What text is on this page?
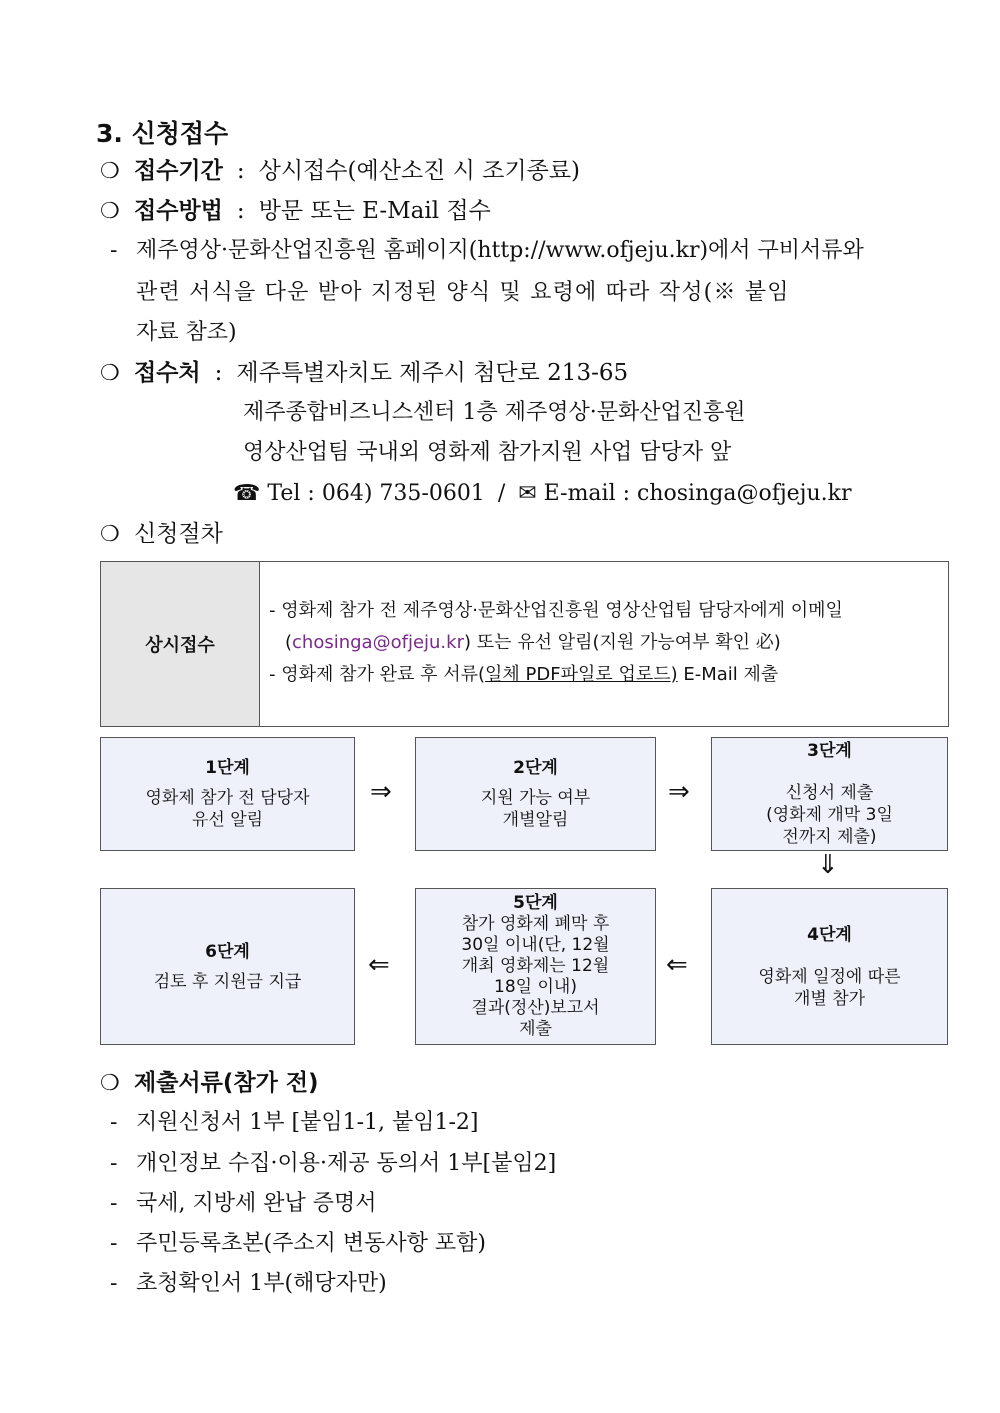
3. 신청접수
❍ 접수기간 : 상시접수(예산소진 시 조기종료)
❍ 접수방법 : 방문 또는 E-Mail 접수
- 제주영상·문화산업진흥원 홈페이지(http://www.ofjeju.kr)에서 구비서류와
관련 서식을 다운 받아 지정된 양식 및 요령에 따라 작성(※ 붙임
자료 참조)
❍ 접수처 : 제주특별자치도 제주시 첨단로 213-65
제주종합비즈니스센터 1층 제주영상·문화산업진흥원
영상산업팀 국내외 영화제 참가지원 사업 담당자 앞
☎ Tel : 064) 735-0601 / ✉ E-mail : chosinga@ofjeju.kr
❍ 신청절차
상시접수
- 영화제 참가 전 제주영상·문화산업진흥원 영상산업팀 담당자에게 이메일
(chosinga@ofjeju.kr) 또는 유선 알림(지원 가능여부 확인 必)
- 영화제 참가 완료 후 서류(일체 PDF파일로 업로드) E-Mail 제출
1단계
영화제 참가 전 담당자
유선 알림
⇒
2단계
지원 가능 여부
개별알림
⇒
3단계
신청서 제출
(영화제 개막 3일
전까지 제출)
⇓
6단계
검토 후 지원금 지급
⇐
5단계
참가 영화제 폐막 후
30일 이내(단, 12월
개최 영화제는 12월
18일 이내)
결과(정산)보고서
제출
⇐
4단계
영화제 일정에 따른
개별 참가
❍ 제출서류(참가 전)
- 지원신청서 1부 [붙임1-1, 붙임1-2]
- 개인정보 수집·이용·제공 동의서 1부[붙임2]
- 국세, 지방세 완납 증명서
- 주민등록초본(주소지 변동사항 포함)
- 초청확인서 1부(해당자만)
